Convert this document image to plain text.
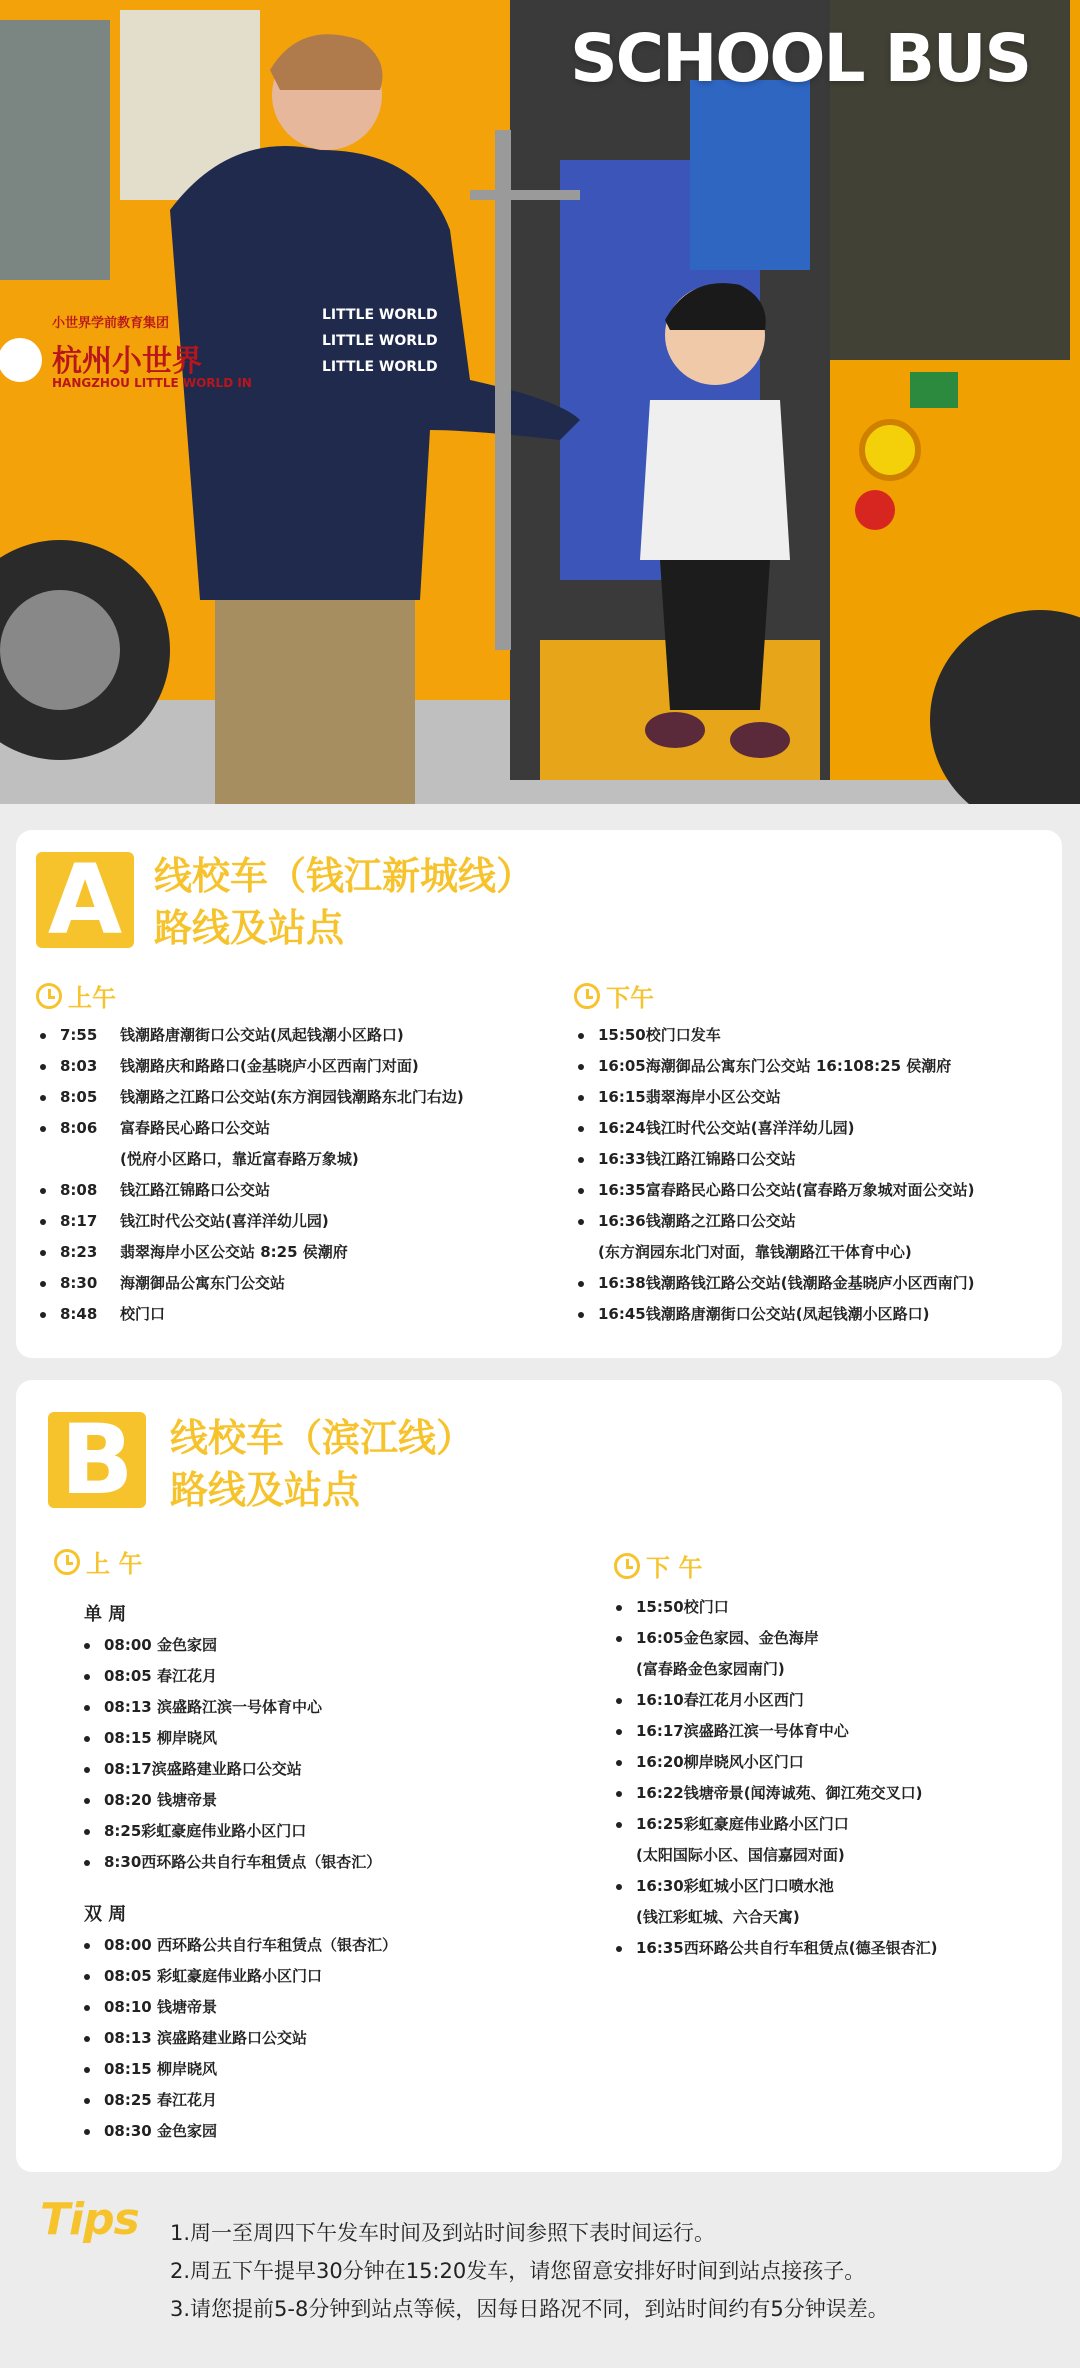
SCHOOL BUS
小世界学前教育集团
杭州小世界
HANGZHOU LITTLE WORLD IN
LITTLE WORLD
LITTLE WORLD
LITTLE WORLD
A 线校车（钱江新城线）
路线及站点
上午	下午
7:55 钱潮路唐潮街口公交站(凤起钱潮小区路口)
8:03 钱潮路庆和路路口(金基晓庐小区西南门对面)
8:05 钱潮路之江路口公交站(东方润园钱潮路东北门右边)
8:06 富春路民心路口公交站
(悦府小区路口，靠近富春路万象城)
8:08 钱江路江锦路口公交站
8:17 钱江时代公交站(喜洋洋幼儿园)
8:23 翡翠海岸小区公交站 8:25 侯潮府
8:30 海潮御品公寓东门公交站
8:48 校门口
15:50校门口发车
16:05海潮御品公寓东门公交站 16:108:25 侯潮府
16:15翡翠海岸小区公交站
16:24钱江时代公交站(喜洋洋幼儿园)
16:33钱江路江锦路口公交站
16:35富春路民心路口公交站(富春路万象城对面公交站)
16:36钱潮路之江路口公交站
(东方润园东北门对面，靠钱潮路江干体育中心)
16:38钱潮路钱江路公交站(钱潮路金基晓庐小区西南门)
16:45钱潮路唐潮街口公交站(凤起钱潮小区路口)
B 线校车（滨江线）
路线及站点
上 午	下 午
单 周
08:00 金色家园
08:05 春江花月
08:13 滨盛路江滨一号体育中心
08:15 柳岸晓风
08:17滨盛路建业路口公交站
08:20 钱塘帝景
8:25彩虹豪庭伟业路小区门口
8:30西环路公共自行车租赁点（银杏汇）
双 周
08:00 西环路公共自行车租赁点（银杏汇）
08:05 彩虹豪庭伟业路小区门口
08:10 钱塘帝景
08:13 滨盛路建业路口公交站
08:15 柳岸晓风
08:25 春江花月
08:30 金色家园
15:50校门口
16:05金色家园、金色海岸
(富春路金色家园南门)
16:10春江花月小区西门
16:17滨盛路江滨一号体育中心
16:20柳岸晓风小区门口
16:22钱塘帝景(闻涛诚苑、御江苑交叉口)
16:25彩虹豪庭伟业路小区门口
(太阳国际小区、国信嘉园对面)
16:30彩虹城小区门口喷水池
(钱江彩虹城、六合天寓)
16:35西环路公共自行车租赁点(德圣银杏汇)
Tips 1.周一至周四下午发车时间及到站时间参照下表时间运行。
2.周五下午提早30分钟在15:20发车，请您留意安排好时间到站点接孩子。
3.请您提前5-8分钟到站点等候，因每日路况不同，到站时间约有5分钟误差。
